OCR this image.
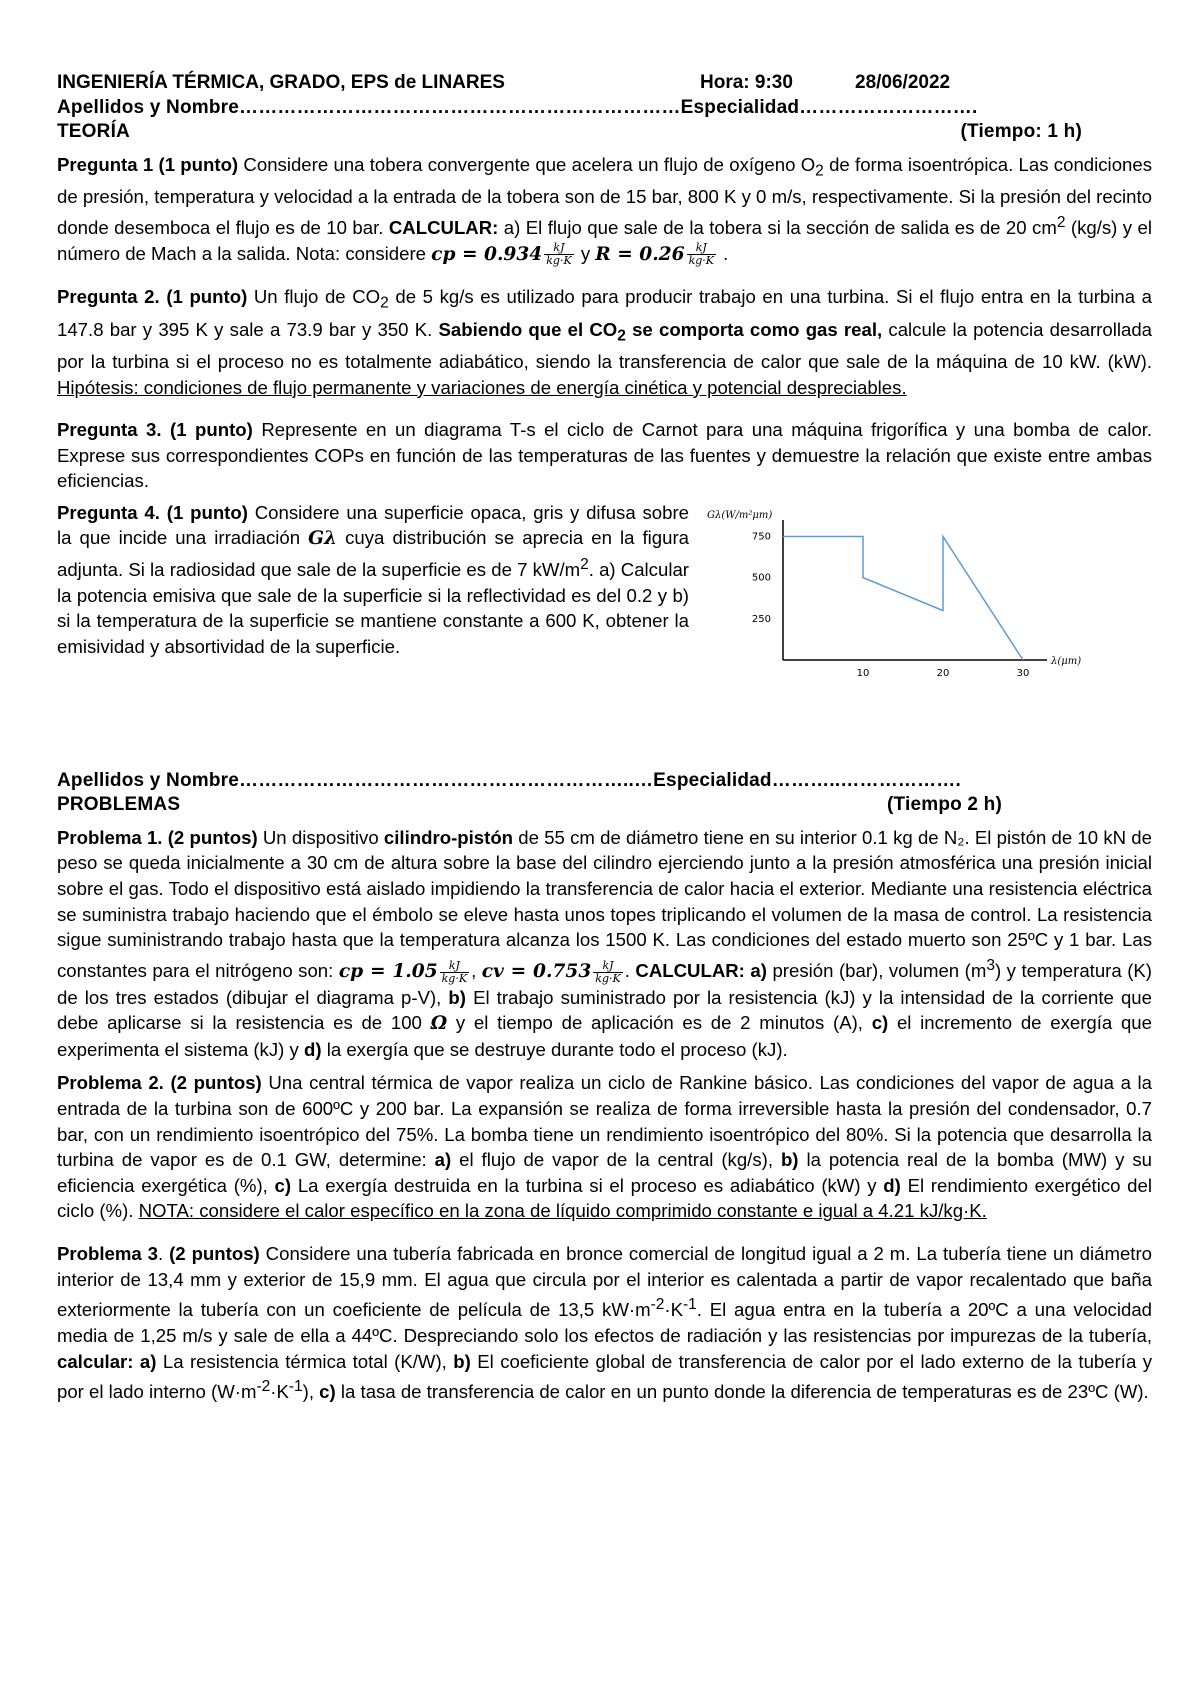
INGENIERÍA TÉRMICA, GRADO, EPS de LINARES	Hora: 9:30	28/06/2022
Apellidos y Nombre……………………………………………………………Especialidad……………………….
TEORÍA	(Tiempo: 1 h)

Pregunta 1 (1 punto) Considere una tobera convergente que acelera un flujo de oxígeno $O_2$ de forma isoentrópica. Las condiciones de presión, temperatura y velocidad a la entrada de la tobera son de 15 bar, 800 K y 0 m/s, respectivamente. Si la presión del recinto donde desemboca el flujo es de 10 bar. CALCULAR: a) El flujo que sale de la tobera si la sección de salida es de 20 $cm^2$ (kg/s) y el número de Mach a la salida. Nota: considere cp = $0.934 \frac{kJ}{kg\cdot K}$ y $R = 0.26 \frac{kJ}{kg\cdot K}$ .

Pregunta 2. (1 punto) Un flujo de $CO_2$ de 5 kg/s es utilizado para producir trabajo en una turbina. Si el flujo entra en la turbina a 147.8 bar y 395 K y sale a 73.9 bar y 350 K. Sabiendo que el $CO_2$ se comporta como gas real, calcule la potencia desarrollada por la turbina si el proceso no es totalmente adiabático, siendo la transferencia de calor que sale de la máquina de 10 kW. (kW). Hipótesis: condiciones de flujo permanente y variaciones de energía cinética y potencial despreciables.

Pregunta 3. (1 punto) Represente en un diagrama T-s el ciclo de Carnot para una máquina frigorífica y una bomba de calor. Exprese sus correspondientes COPs en función de las temperaturas de las fuentes y demuestre la relación que existe entre ambas eficiencias.

Pregunta 4. (1 punto) Considere una superficie opaca, gris y difusa sobre la que incide una irradiación Gλ cuya distribución se aprecia en la figura adjunta. Si la radiosidad que sale de la superficie es de 7 $kW/m^2$. a) Calcular la potencia emisiva que sale de la superficie si la reflectividad es del 0.2 y b) si la temperatura de la superficie se mantiene constante a 600 K, obtener la emisividad y absortividad de la superficie.

Gλ(W/m²μm)
λ(μm)
10	20	30
750
500
250
Apellidos y Nombre……………………………………………………..…Especialidad………..……………….
PROBLEMAS	(Tiempo 2 h)

Problema 1. (2 puntos) Un dispositivo cilindro-pistón de 55 cm de diámetro tiene en su interior 0.1 kg de N₂. El pistón de 10 kN de peso se queda inicialmente a 30 cm de altura sobre la base del cilindro ejerciendo junto a la presión atmosférica una presión inicial sobre el gas. Todo el dispositivo está aislado impidiendo la transferencia de calor hacia el exterior. Mediante una resistencia eléctrica se suministra trabajo haciendo que el émbolo se eleve hasta unos topes triplicando el volumen de la masa de control. La resistencia sigue suministrando trabajo hasta que la temperatura alcanza los 1500 K. Las condiciones del estado muerto son 25ºC y 1 bar. Las constantes para el nitrógeno son: cp = $1.05 \frac{kJ}{kg\cdot K}$ , cv = $0.753 \frac{kJ}{kg\cdot K}$ . CALCULAR: a) presión (bar), volumen $(m^3)$ y temperatura (K) de los tres estados (dibujar el diagrama p-V), b) El trabajo suministrado por la resistencia (kJ) y la intensidad de la corriente que debe aplicarse si la resistencia es de 100 Ω y el tiempo de aplicación es de 2 minutos (A), c) el incremento de exergía que experimenta el sistema (kJ) y d) la exergía que se destruye durante todo el proceso (kJ).

Problema 2. (2 puntos) Una central térmica de vapor realiza un ciclo de Rankine básico. Las condiciones del vapor de agua a la entrada de la turbina son de 600ºC y 200 bar. La expansión se realiza de forma irreversible hasta la presión del condensador, 0.7 bar, con un rendimiento isoentrópico del 75%. La bomba tiene un rendimiento isoentrópico del 80%. Si la potencia que desarrolla la turbina de vapor es de 0.1 GW, determine: a) el flujo de vapor de la central (kg/s), b) la potencia real de la bomba (MW) y su eficiencia exergética (%), c) La exergía destruida en la turbina si el proceso es adiabático (kW) y d) El rendimiento exergético del ciclo (%). NOTA: considere el calor específico en la zona de líquido comprimido constante e igual a 4.21 kJ/kg·K.

Problema 3. (2 puntos) Considere una tubería fabricada en bronce comercial de longitud igual a 2 m. La tubería tiene un diámetro interior de 13,4 mm y exterior de 15,9 mm. El agua que circula por el interior es calentada a partir de vapor recalentado que baña exteriormente la tubería con un coeficiente de película de 13,5 $kW\cdot m^{-2}\cdot K^{-1}$. El agua entra en la tubería a 20ºC a una velocidad media de 1,25 m/s y sale de ella a 44ºC. Despreciando solo los efectos de radiación y las resistencias por impurezas de la tubería, calcular: a) La resistencia térmica total (K/W), b) El coeficiente global de transferencia de calor por el lado externo de la tubería y por el lado interno $(W\cdot m^{-2}\cdot K^{-1})$, c) la tasa de transferencia de calor en un punto donde la diferencia de temperaturas es de 23ºC (W).
